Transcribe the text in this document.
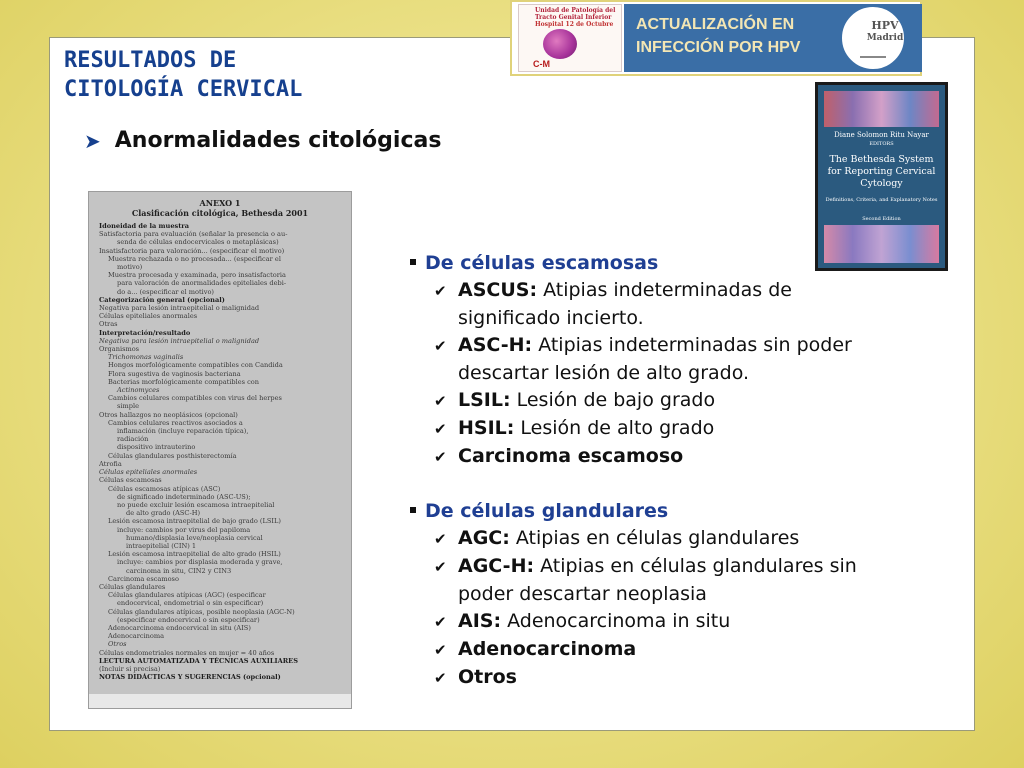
Unidad de Patología del
Tracto Genital Inferior
Hospital 12 de Octubre
C-M
ACTUALIZACIÓN EN
INFECCIÓN POR HPV
HPV
Madrid
RESULTADOS DE
CITOLOGÍA CERVICAL
➤ Anormalidades citológicas	Diane Solomon Ritu Nayar
EDITORS
The Bethesda System for Reporting Cervical Cytology
Definitions, Criteria, and Explanatory Notes
Second Edition
ANEXO 1
Clasificación citológica, Bethesda 2001
Idoneidad de la muestra
Satisfactoria para evaluación (señalar la presencia o au-
senda de células endocervicales o metaplásicas)
Insatisfactoria para valoración... (especificar el motivo)
Muestra rechazada o no procesada... (especificar el
motivo)
Muestra procesada y examinada, pero insatisfactoria
para valoración de anormalidades epiteliales debi-
do a... (especificar el motivo)
Categorización general (opcional)
Negativa para lesión intraepitelial o malignidad
Células epiteliales anormales
Otras
Interpretación/resultado
Negativa para lesión intraepitelial o malignidad
Organismos
Trichomonas vaginalis
Hongos morfológicamente compatibles con Candida
Flora sugestiva de vaginosis bacteriana
Bacterias morfológicamente compatibles con
Actinomyces
Cambios celulares compatibles con virus del herpes
simple
Otros hallazgos no neoplásicos (opcional)
Cambios celulares reactivos asociados a
inflamación (incluye reparación típica),
radiación
dispositivo intrauterino
Células glandulares posthisterectomía
Atrofia
Células epiteliales anormales
Células escamosas
Células escamosas atípicas (ASC)
de significado indeterminado (ASC-US);
no puede excluir lesión escamosa intraepitelial
de alto grado (ASC-H)
Lesión escamosa intraepitelial de bajo grado (LSIL)
incluye: cambios por virus del papiloma
humano/displasia leve/neoplasia cervical
intraepitelial (CIN) 1
Lesión escamosa intraepitelial de alto grado (HSIL)
incluye: cambios por displasia moderada y grave,
carcinoma in situ, CIN2 y CIN3
Carcinoma escamoso
Células glandulares
Células glandulares atípicas (AGC) (especificar
endocervical, endometrial o sin especificar)
Células glandulares atípicas, posible neoplasia (AGC-N)
(especificar endocervical o sin especificar)
Adenocarcinoma endocervical in situ (AIS)
Adenocarcinoma
Otros
Células endometriales normales en mujer = 40 años
LECTURA AUTOMATIZADA Y TÉCNICAS AUXILIARES
(Incluir si precisa)
NOTAS DIDÁCTICAS Y SUGERENCIAS (opcional)
De células escamosas
✔ ASCUS: Atipias indeterminadas de significado incierto.
✔ ASC-H: Atipias indeterminadas sin poder descartar lesión de alto grado.
✔ LSIL: Lesión de bajo grado
✔ HSIL: Lesión de alto grado
✔ Carcinoma escamoso
De células glandulares
✔ AGC: Atipias en células glandulares
✔ AGC-H: Atipias en células glandulares sin poder descartar neoplasia
✔ AIS: Adenocarcinoma in situ
✔ Adenocarcinoma
✔ Otros
